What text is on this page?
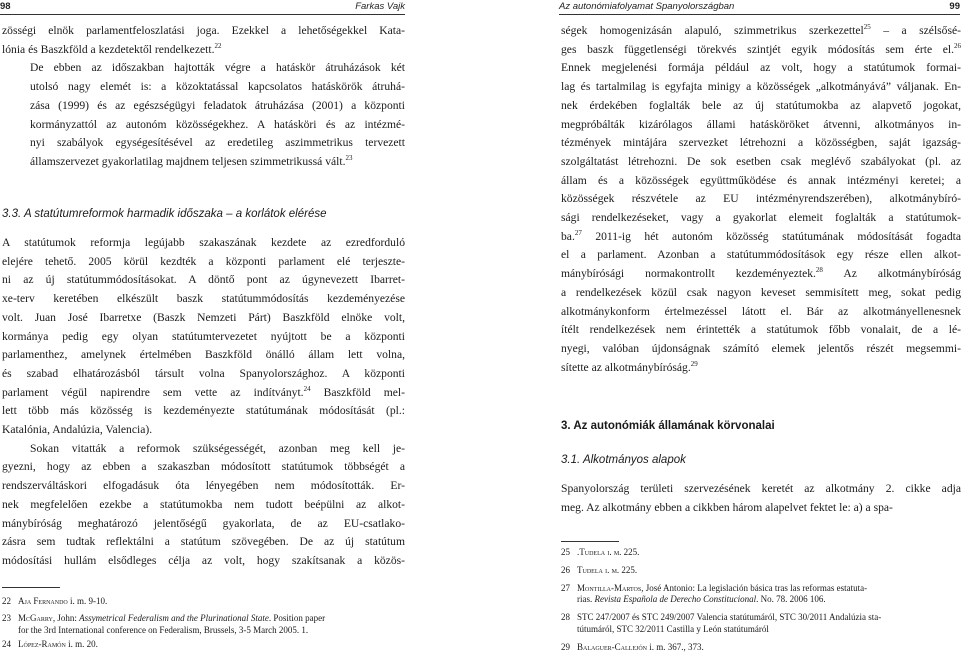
98	Farkas Vajk

zösségi elnök parlamentfeloszlatási joga. Ezekkel a lehetőségekkel Kata-
lónia és Baszkföld a kezdetektől rendelkezett.$^{22}$

De ebben az időszakban hajtották végre a hatáskör átruházások két
utolsó nagy elemét is: a közoktatással kapcsolatos hatáskörök átruhá-
zása (1999) és az egészségügyi feladatok átruházása (2001) a központi
kormányzattól az autonóm közösségekhez. A hatásköri és az intézmé-
nyi szabályok egységesítésével az eredetileg aszimmetrikus tervezett
államszervezet gyakorlatilag majdnem teljesen szimmetrikussá vált.$^{23}$

3.3. A statútumreformok harmadik időszaka – a korlátok elérése

A statútumok reformja legújabb szakaszának kezdete az ezredforduló
elejére tehető. 2005 körül kezdték a központi parlament elé terjeszte-
ni az új statútummódosításokat. A döntő pont az úgynevezett Ibarret-
xe-terv keretében elkészült baszk statútummódosítás kezdeményezése
volt. Juan José Ibarretxe (Baszk Nemzeti Párt) Baszkföld elnöke volt,
kormánya pedig egy olyan statútumtervezetet nyújtott be a központi
parlamenthez, amelynek értelmében Baszkföld önálló állam lett volna,
és szabad elhatározásból társult volna Spanyolországhoz. A központi
parlament végül napirendre sem vette az indítványt.$^{24}$ Baszkföld mel-
lett több más közösség is kezdeményezte statútumának módosítását (pl.:
Katalónia, Andalúzia, Valencia).

Sokan vitatták a reformok szükségességét, azonban meg kell je-
gyezni, hogy az ebben a szakaszban módosított statútumok többségét a
rendszerváltáskori elfogadásuk óta lényegében nem módosították. Er-
nek megfelelően ezekbe a statútumokba nem tudott beépülni az alkot-
mánybíróság meghatározó jelentőségű gyakorlata, de az EU-csatlako-
zásra sem tudtak reflektálni a statútum szövegében. De az új statútum
módosítási hullám elsődleges célja az volt, hogy szakítsanak a közös-

22 Aja Fernando i. m. 9-10.
23 McGarry, John: Assymetrical Federalism and the Plurinational State. Position paper
for the 3rd International conference on Federalism, Brussels, 3-5 March 2005. 1.
24 López-Ramón i. m. 20.
Az autonómiafolyamat Spanyolországban	99

ségek homogenizásán alapuló, szimmetrikus szerkezettel$^{25}$ – a szélsősé-
ges baszk függetlenségi törekvés szintjét egyik módosítás sem érte el.$^{26}$
Ennek megjelenési formája például az volt, hogy a statútumok formai-
lag és tartalmilag is egyfajta minigy a közösségek „alkotmányává” váljanak. En-
nek érdekében foglalták bele az új statútumokba az alapvető jogokat,
megpróbálták kizárólagos állami hatásköröket átvenni, alkotmányos in-
tézmények mintájára szervezket létrehozni a közösségben, saját igazság-
szolgáltatást létrehozni. De sok esetben csak meglévő szabályokat (pl. az
állam és a közösségek együttműködése és annak intézményi keretei; a
közösségek részvétele az EU intézményrendszerében), alkotmánybíró-
sági rendelkezéseket, vagy a gyakorlat elemeit foglalták a statútumok-
ba.$^{27}$ 2011-ig hét autonóm közösség statútumának módosítását fogadta
el a parlament. Azonban a statútummódosítások egy része ellen alkot-
mánybírósági normakontrollt kezdeményeztek.$^{28}$ Az alkotmánybíróság
a rendelkezések közül csak nagyon keveset semmisített meg, sokat pedig
alkotmánykonform értelmezéssel látott el. Bár az alkotmányellenesnek
ítélt rendelkezések nem érintették a statútumok főbb vonalait, de a lé-
nyegi, valóban újdonságnak számító elemek jelentős részét megsemmi-
sítette az alkotmánybíróság.$^{29}$

3. Az autonómiák államának körvonalai
3.1. Alkotmányos alapok

Spanyolország területi szervezésének keretét az alkotmány 2. cikke adja
meg. Az alkotmány ebben a cikkben három alapelvet fektet le: a) a spa-

25 .Tudela i. m. 225.
26 Tudela i. m. 225.
27 Montilla-Martos, José Antonio: La legislación básica tras las reformas estatuta-
rias. Revista Española de Derecho Constitucional. No. 78. 2006 106.
28 STC 247/2007 és STC 249/2007 Valencia statútumáról, STC 30/2011 Andalúzia sta-
tútumáról, STC 32/2011 Castilla y León statútumáról
29 Balaguer-Callejón i. m. 367., 373.
